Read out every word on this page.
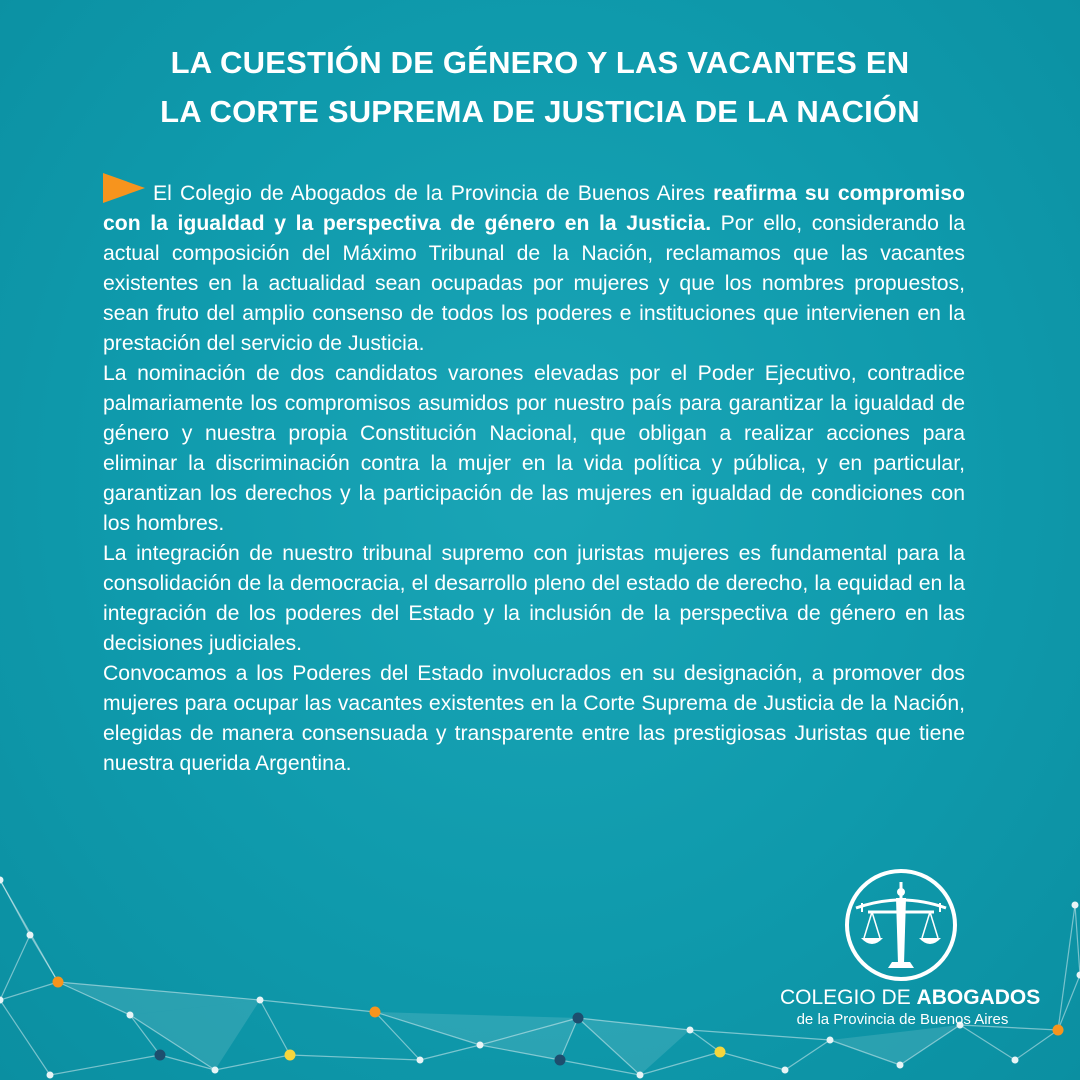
LA CUESTIÓN DE GÉNERO Y LAS VACANTES EN
LA CORTE SUPREMA DE JUSTICIA DE LA NACIÓN

El Colegio de Abogados de la Provincia de Buenos Aires reafirma su compromiso con la igualdad y la perspectiva de género en la Justicia. Por ello, considerando la actual composición del Máximo Tribunal de la Nación, reclamamos que las vacantes existentes en la actualidad sean ocupadas por mujeres y que los nombres propuestos, sean fruto del amplio consenso de todos los poderes e instituciones que intervienen en la prestación del servicio de Justicia.

La nominación de dos candidatos varones elevadas por el Poder Ejecutivo, contradice palmariamente los compromisos asumidos por nuestro país para garantizar la igualdad de género y nuestra propia Constitución Nacional, que obligan a realizar acciones para eliminar la discriminación contra la mujer en la vida política y pública, y en particular, garantizan los derechos y la participación de las mujeres en igualdad de condiciones con los hombres.

La integración de nuestro tribunal supremo con juristas mujeres es fundamental para la consolidación de la democracia, el desarrollo pleno del estado de derecho, la equidad en la integración de los poderes del Estado y la inclusión de la perspectiva de género en las decisiones judiciales.

Convocamos a los Poderes del Estado involucrados en su designación, a promover dos mujeres para ocupar las vacantes existentes en la Corte Suprema de Justicia de la Nación, elegidas de manera consensuada y transparente entre las prestigiosas Juristas que tiene nuestra querida Argentina.

COLEGIO DE ABOGADOS
de la Provincia de Buenos Aires
